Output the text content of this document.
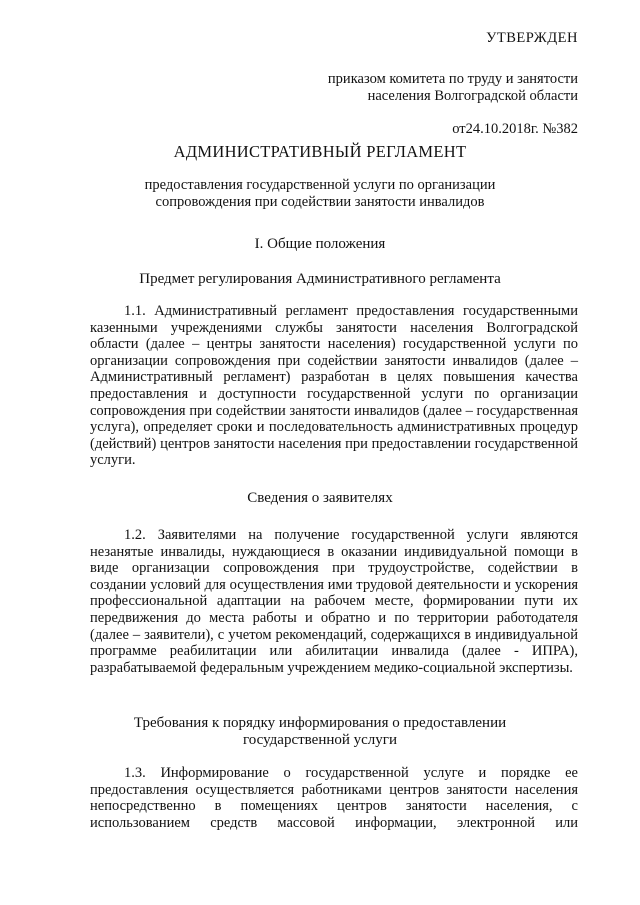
УТВЕРЖДЕН
приказом комитета по труду и занятости
населения Волгоградской области
от24.10.2018г. №382
АДМИНИСТРАТИВНЫЙ РЕГЛАМЕНТ
предоставления государственной услуги по организации
сопровождения при содействии занятости инвалидов
I. Общие положения
Предмет регулирования Административного регламента

1.1. Административный регламент предоставления государственными казенными учреждениями службы занятости населения Волгоградской области (далее – центры занятости населения) государственной услуги по организации сопровождения при содействии занятости инвалидов (далее – Административный регламент) разработан в целях повышения качества предоставления и доступности государственной услуги по организации сопровождения при содействии занятости инвалидов (далее – государственная услуга), определяет сроки и последовательность административных процедур (действий) центров занятости населения при предоставлении государственной услуги.

Сведения о заявителях

1.2. Заявителями на получение государственной услуги являются незанятые инвалиды, нуждающиеся в оказании индивидуальной помощи в виде организации сопровождения при трудоустройстве, содействии в создании условий для осуществления ими трудовой деятельности и ускорения профессиональной адаптации на рабочем месте, формировании пути их передвижения до места работы и обратно и по территории работодателя (далее – заявители), с учетом рекомендаций, содержащихся в индивидуальной программе реабилитации или абилитации инвалида (далее - ИПРА), разрабатываемой федеральным учреждением медико-социальной экспертизы.

Требования к порядку информирования о предоставлении
государственной услуги

1.3. Информирование о государственной услуге и порядке ее предоставления осуществляется работниками центров занятости населения непосредственно в помещениях центров занятости населения, с использованием средств массовой информации, электронной или
